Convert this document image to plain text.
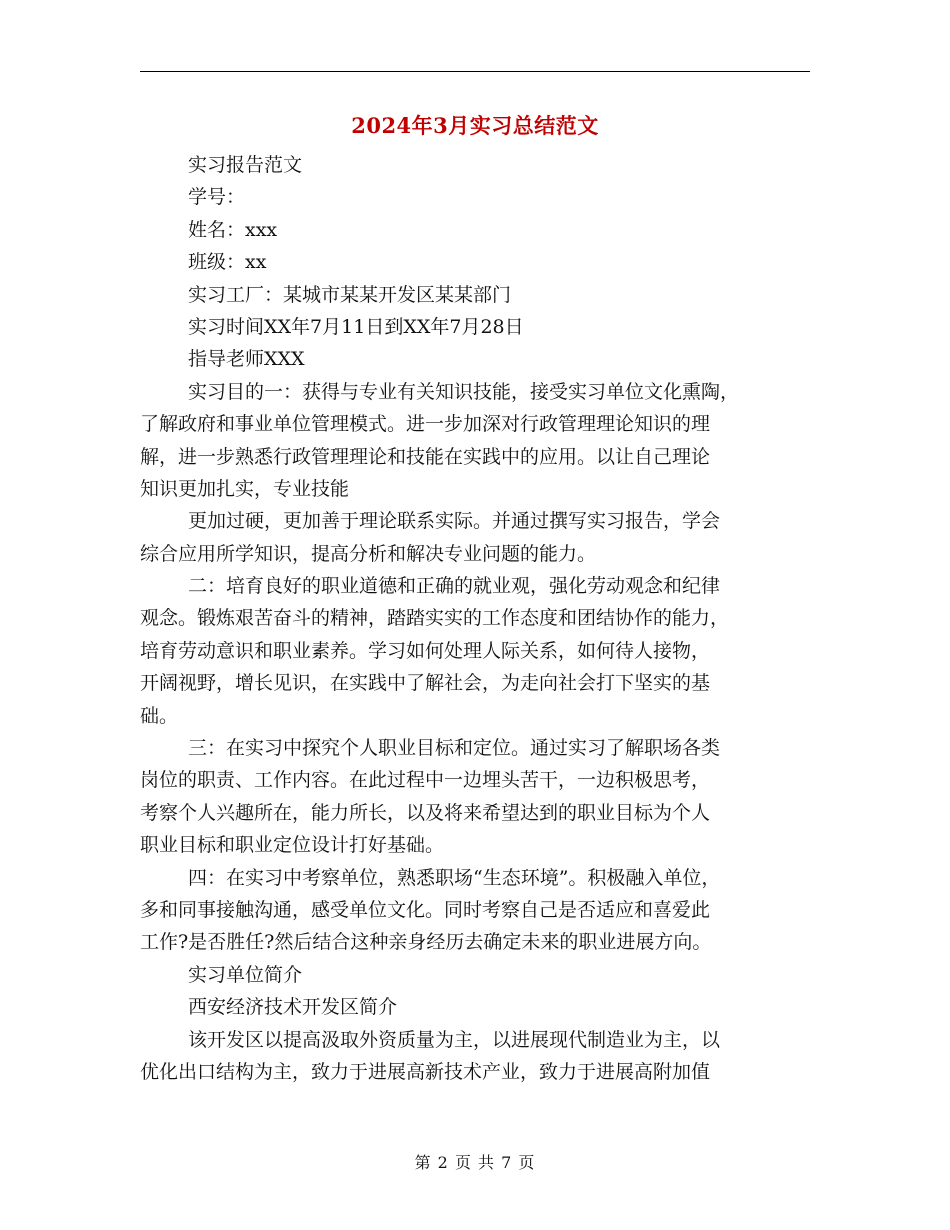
2024年3月实习总结范文

实习报告范文

学号：

姓名：xxx

班级：xx

实习工厂：某城市某某开发区某某部门

实习时间XX年7月11日到XX年7月28日

指导老师XXX

实习目的一：获得与专业有关知识技能，接受实习单位文化熏陶，

了解政府和事业单位管理模式。进一步加深对行政管理理论知识的理

解，进一步熟悉行政管理理论和技能在实践中的应用。以让自己理论

知识更加扎实，专业技能

更加过硬，更加善于理论联系实际。并通过撰写实习报告，学会

综合应用所学知识，提高分析和解决专业问题的能力。

二：培育良好的职业道德和正确的就业观，强化劳动观念和纪律

观念。锻炼艰苦奋斗的精神，踏踏实实的工作态度和团结协作的能力，

培育劳动意识和职业素养。学习如何处理人际关系，如何待人接物，

开阔视野，增长见识，在实践中了解社会，为走向社会打下坚实的基

础。

三：在实习中探究个人职业目标和定位。通过实习了解职场各类

岗位的职责、工作内容。在此过程中一边埋头苦干，一边积极思考，

考察个人兴趣所在，能力所长，以及将来希望达到的职业目标为个人

职业目标和职业定位设计打好基础。

四：在实习中考察单位，熟悉职场“生态环境”。积极融入单位，

多和同事接触沟通，感受单位文化。同时考察自己是否适应和喜爱此

工作?是否胜任?然后结合这种亲身经历去确定未来的职业进展方向。

实习单位简介

西安经济技术开发区简介

该开发区以提高汲取外资质量为主，以进展现代制造业为主，以

优化出口结构为主，致力于进展高新技术产业，致力于进展高附加值

第 2 页 共 7 页
